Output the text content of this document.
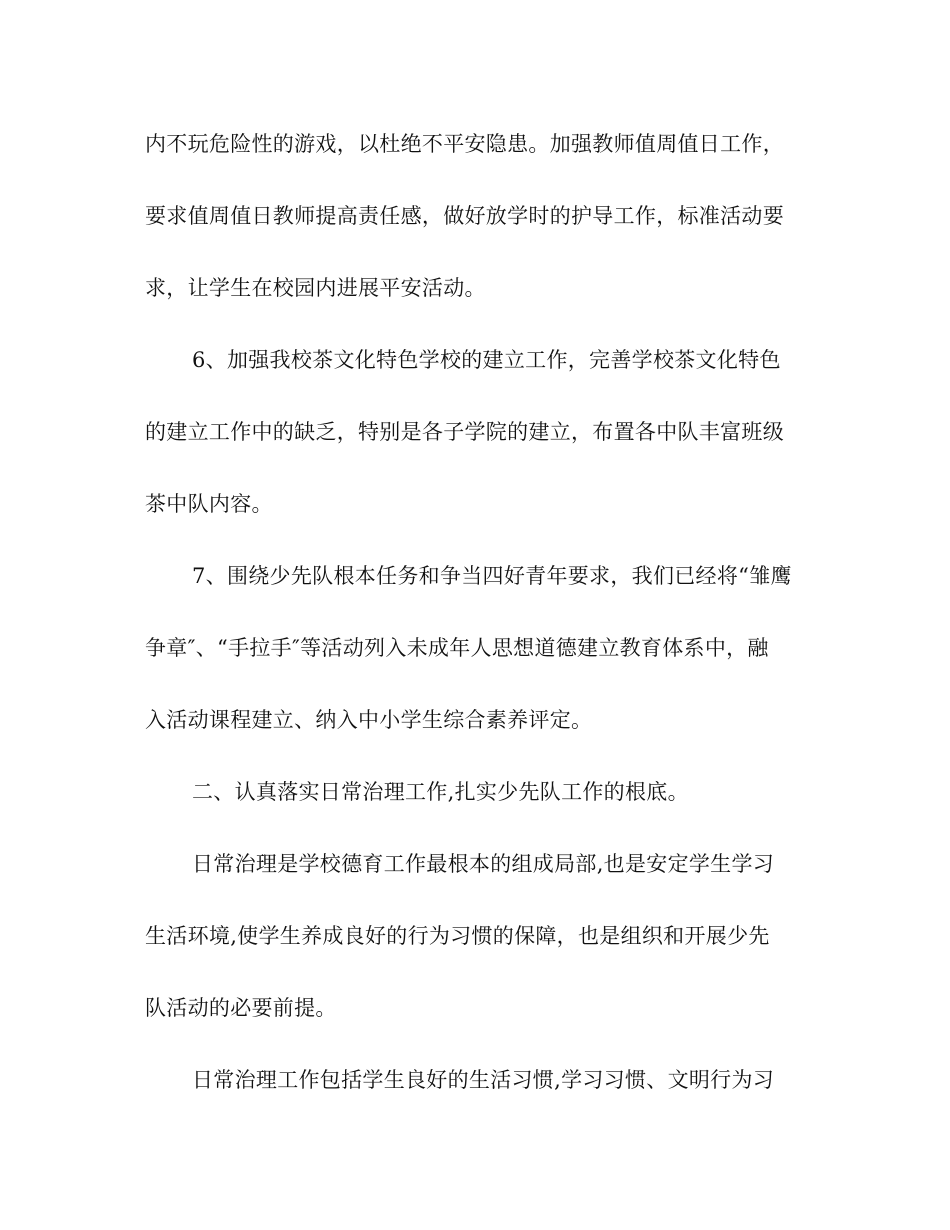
内不玩危险性的游戏，以杜绝不平安隐患。加强教师值周值日工作，
要求值周值日教师提高责任感，做好放学时的护导工作，标准活动要
求，让学生在校园内进展平安活动。
6、加强我校茶文化特色学校的建立工作，完善学校茶文化特色
的建立工作中的缺乏，特别是各子学院的建立，布置各中队丰富班级
茶中队内容。
7、围绕少先队根本任务和争当四好青年要求，我们已经将“雏鹰
争章″、“手拉手″等活动列入未成年人思想道德建立教育体系中，融
入活动课程建立、纳入中小学生综合素养评定。
二、认真落实日常治理工作,扎实少先队工作的根底。
日常治理是学校德育工作最根本的组成局部,也是安定学生学习
生活环境,使学生养成良好的行为习惯的保障，也是组织和开展少先
队活动的必要前提。
日常治理工作包括学生良好的生活习惯,学习习惯、文明行为习
